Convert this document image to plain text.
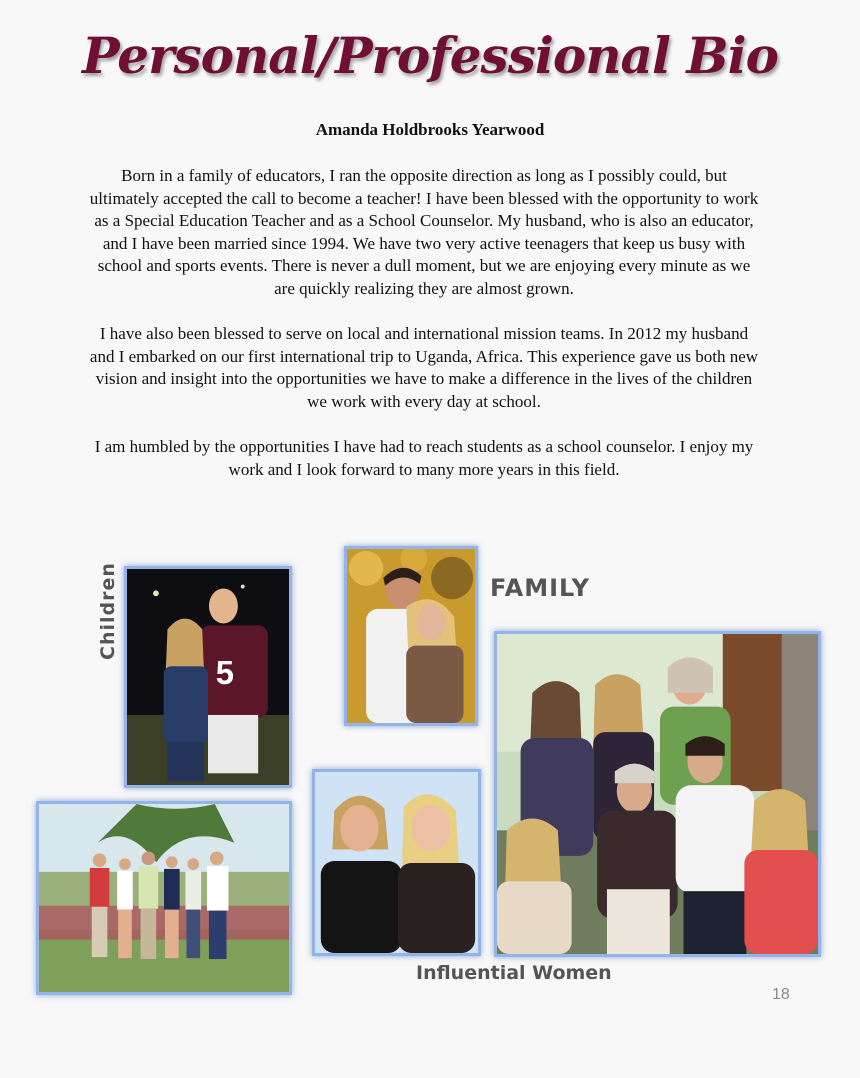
Personal/Professional Bio
Amanda Holdbrooks Yearwood

Born in a family of educators, I ran the opposite direction as long as I possibly could, but ultimately accepted the call to become a teacher! I have been blessed with the opportunity to work as a Special Education Teacher and as a School Counselor. My husband, who is also an educator, and I have been married since 1994. We have two very active teenagers that keep us busy with school and sports events. There is never a dull moment, but we are enjoying every minute as we are quickly realizing they are almost grown.

I have also been blessed to serve on local and international mission teams. In 2012 my husband and I embarked on our first international trip to Uganda, Africa. This experience gave us both new vision and insight into the opportunities we have to make a difference in the lives of the children we work with every day at school.

I am humbled by the opportunities I have had to reach students as a school counselor. I enjoy my work and I look forward to many more years in this field.

5
Children	FAMILY
Influential Women
18
